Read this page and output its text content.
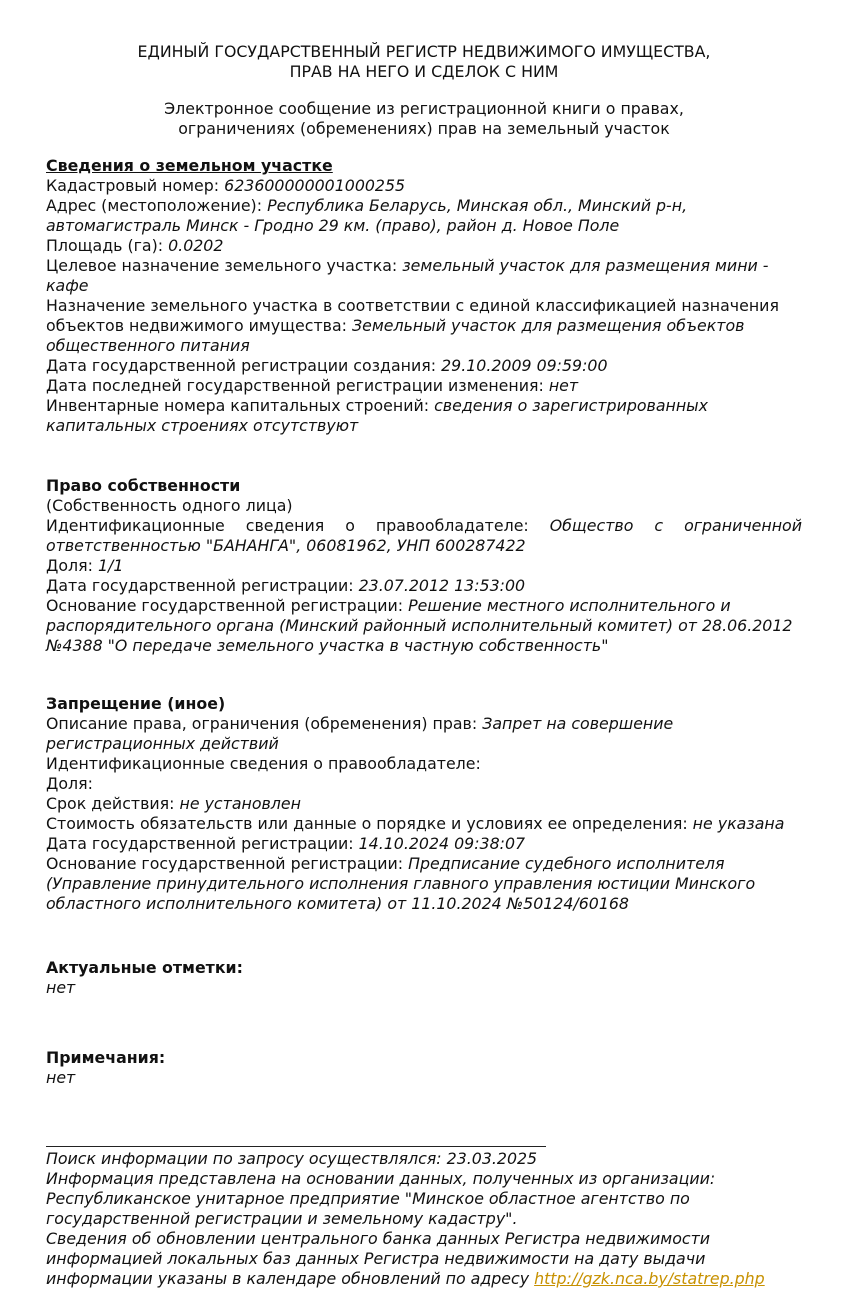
ЕДИНЫЙ ГОСУДАРСТВЕННЫЙ РЕГИСТР НЕДВИЖИМОГО ИМУЩЕСТВА,
ПРАВ НА НЕГО И СДЕЛОК С НИМ
Электронное сообщение из регистрационной книги о правах,
ограничениях (обременениях) прав на земельный участок
Сведения о земельном участке

Кадастровый номер: 623600000001000255

Адрес (местоположение): Республика Беларусь, Минская обл., Минский р-н, автомагистраль Минск - Гродно 29 км. (право), район д. Новое Поле

Площадь (га): 0.0202

Целевое назначение земельного участка: земельный участок для размещения мини - кафе

Назначение земельного участка в соответствии с единой классификацией назначения объектов недвижимого имущества: Земельный участок для размещения объектов общественного питания

Дата государственной регистрации создания: 29.10.2009 09:59:00

Дата последней государственной регистрации изменения: нет

Инвентарные номера капитальных строений: сведения о зарегистрированных капитальных строениях отсутствуют

Право собственности

(Собственность одного лица)

Идентификационные сведения о правообладателе: Общество с ограниченной ответственностью "БАНАНГА", 06081962, УНП 600287422

Доля: 1/1

Дата государственной регистрации: 23.07.2012 13:53:00

Основание государственной регистрации: Решение местного исполнительного и распорядительного органа (Минский районный исполнительный комитет) от 28.06.2012 №4388 "О передаче земельного участка в частную собственность"

Запрещение (иное)

Описание права, ограничения (обременения) прав: Запрет на совершение регистрационных действий

Идентификационные сведения о правообладателе:

Доля:

Срок действия: не установлен

Стоимость обязательств или данные о порядке и условиях ее определения: не указана

Дата государственной регистрации: 14.10.2024 09:38:07

Основание государственной регистрации: Предписание судебного исполнителя (Управление принудительного исполнения главного управления юстиции Минского областного исполнительного комитета) от 11.10.2024 №50124/60168

Актуальные отметки:

нет

Примечания:

нет

Поиск информации по запросу осуществлялся: 23.03.2025

Информация представлена на основании данных, полученных из организации:

Республиканское унитарное предприятие "Минское областное агентство по государственной регистрации и земельному кадастру".

Сведения об обновлении центрального банка данных Регистра недвижимости информацией локальных баз данных Регистра недвижимости на дату выдачи информации указаны в календаре обновлений по адресу http://gzk.nca.by/statrep.php
